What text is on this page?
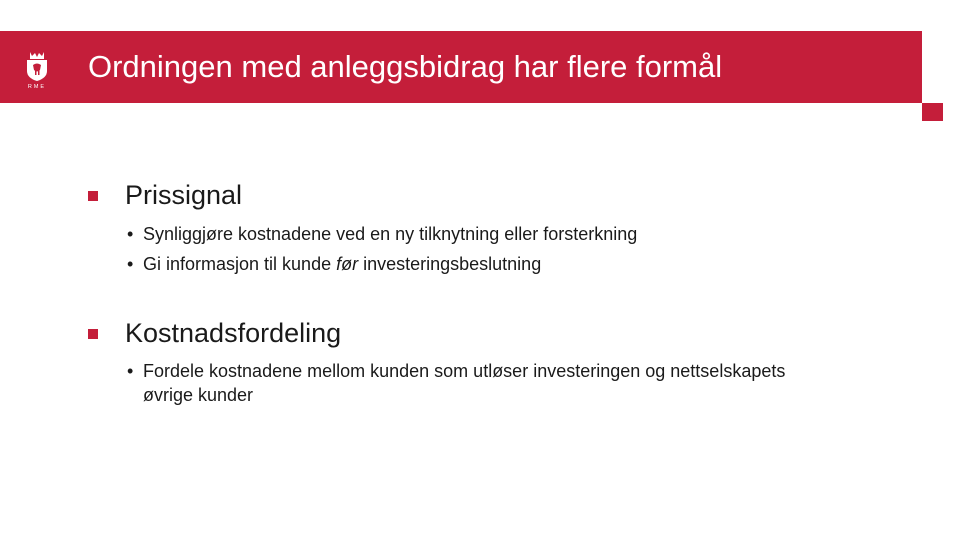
RME
Ordningen med anleggsbidrag har flere formål
Prissignal
• Synliggjøre kostnadene ved en ny tilknytning eller forsterkning
• Gi informasjon til kunde før investeringsbeslutning
Kostnadsfordeling
• Fordele kostnadene mellom kunden som utløser investeringen og nettselskapets øvrige kunder
